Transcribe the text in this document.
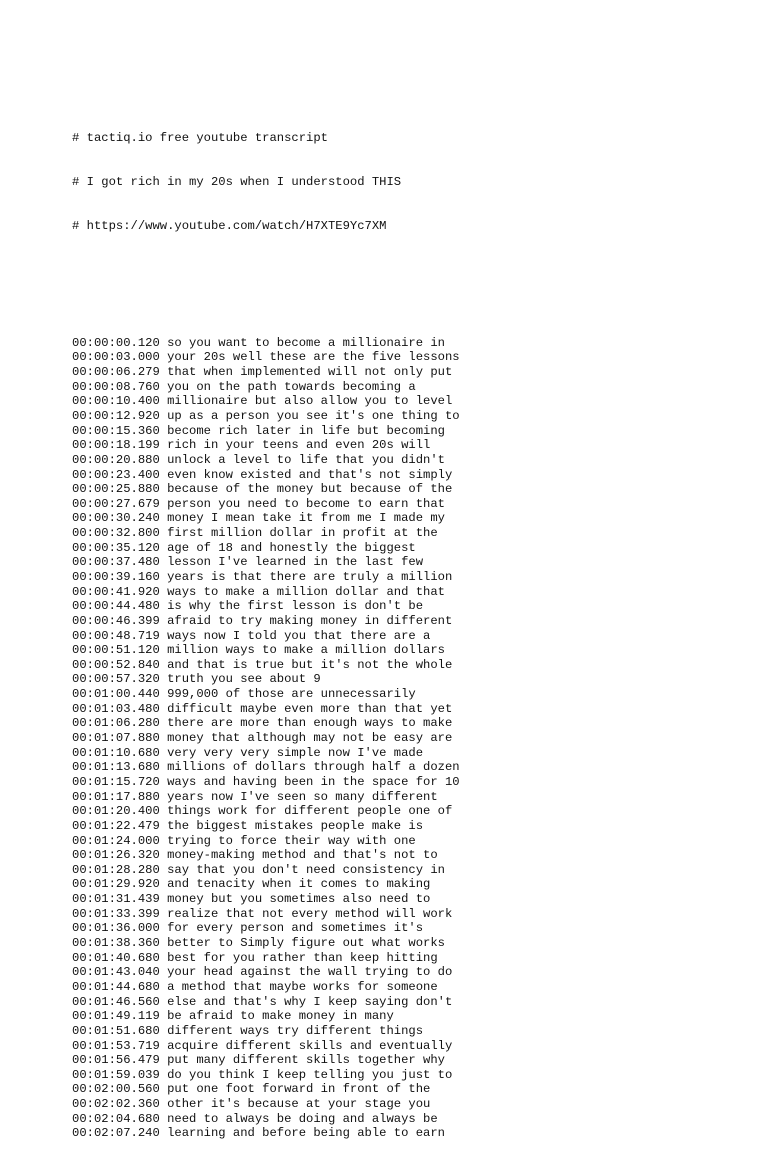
# tactiq.io free youtube transcript

# I got rich in my 20s when I understood THIS

# https://www.youtube.com/watch/H7XTE9Yc7XM

00:00:00.120 so you want to become a millionaire in
00:00:03.000 your 20s well these are the five lessons
00:00:06.279 that when implemented will not only put
00:00:08.760 you on the path towards becoming a
00:00:10.400 millionaire but also allow you to level
00:00:12.920 up as a person you see it's one thing to
00:00:15.360 become rich later in life but becoming
00:00:18.199 rich in your teens and even 20s will
00:00:20.880 unlock a level to life that you didn't
00:00:23.400 even know existed and that's not simply
00:00:25.880 because of the money but because of the
00:00:27.679 person you need to become to earn that
00:00:30.240 money I mean take it from me I made my
00:00:32.800 first million dollar in profit at the
00:00:35.120 age of 18 and honestly the biggest
00:00:37.480 lesson I've learned in the last few
00:00:39.160 years is that there are truly a million
00:00:41.920 ways to make a million dollar and that
00:00:44.480 is why the first lesson is don't be
00:00:46.399 afraid to try making money in different
00:00:48.719 ways now I told you that there are a
00:00:51.120 million ways to make a million dollars
00:00:52.840 and that is true but it's not the whole
00:00:57.320 truth you see about 9
00:01:00.440 999,000 of those are unnecessarily
00:01:03.480 difficult maybe even more than that yet
00:01:06.280 there are more than enough ways to make
00:01:07.880 money that although may not be easy are
00:01:10.680 very very very simple now I've made
00:01:13.680 millions of dollars through half a dozen
00:01:15.720 ways and having been in the space for 10
00:01:17.880 years now I've seen so many different
00:01:20.400 things work for different people one of
00:01:22.479 the biggest mistakes people make is
00:01:24.000 trying to force their way with one
00:01:26.320 money-making method and that's not to
00:01:28.280 say that you don't need consistency in
00:01:29.920 and tenacity when it comes to making
00:01:31.439 money but you sometimes also need to
00:01:33.399 realize that not every method will work
00:01:36.000 for every person and sometimes it's
00:01:38.360 better to Simply figure out what works
00:01:40.680 best for you rather than keep hitting
00:01:43.040 your head against the wall trying to do
00:01:44.680 a method that maybe works for someone
00:01:46.560 else and that's why I keep saying don't
00:01:49.119 be afraid to make money in many
00:01:51.680 different ways try different things
00:01:53.719 acquire different skills and eventually
00:01:56.479 put many different skills together why
00:01:59.039 do you think I keep telling you just to
00:02:00.560 put one foot forward in front of the
00:02:02.360 other it's because at your stage you
00:02:04.680 need to always be doing and always be
00:02:07.240 learning and before being able to earn
